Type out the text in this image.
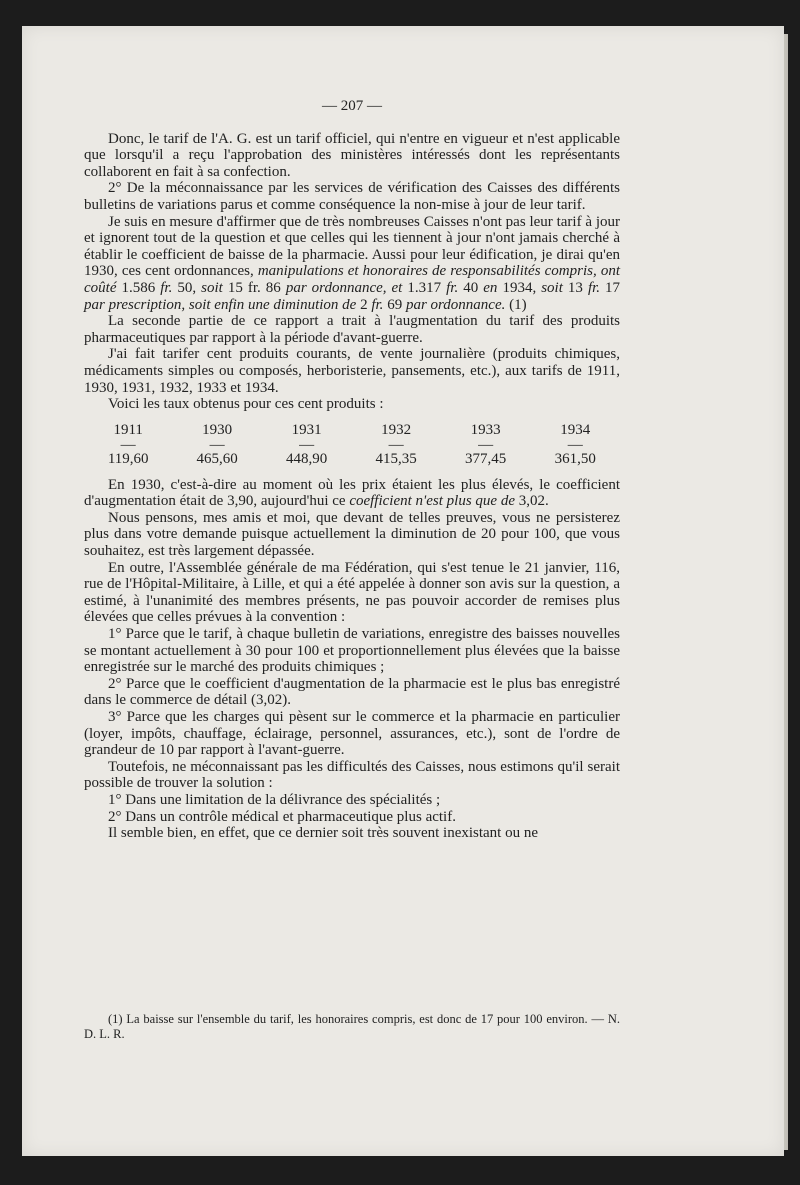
— 207 —

Donc, le tarif de l'A. G. est un tarif officiel, qui n'entre en vigueur et n'est applicable que lorsqu'il a reçu l'approbation des ministères intéressés dont les représentants collaborent en fait à sa confection.

2° De la méconnaissance par les services de vérification des Caisses des différents bulletins de variations parus et comme conséquence la non-mise à jour de leur tarif.

Je suis en mesure d'affirmer que de très nombreuses Caisses n'ont pas leur tarif à jour et ignorent tout de la question et que celles qui les tiennent à jour n'ont jamais cherché à établir le coefficient de baisse de la pharmacie. Aussi pour leur édification, je dirai qu'en 1930, ces cent ordonnances, manipulations et honoraires de responsabilités compris, ont coûté 1.586 fr. 50, soit 15 fr. 86 par ordonnance, et 1.317 fr. 40 en 1934, soit 13 fr. 17 par prescription, soit enfin une diminution de 2 fr. 69 par ordonnance. (1)

La seconde partie de ce rapport a trait à l'augmentation du tarif des produits pharmaceutiques par rapport à la période d'avant-guerre.

J'ai fait tarifer cent produits courants, de vente journalière (produits chimiques, médicaments simples ou composés, herboristerie, pansements, etc.), aux tarifs de 1911, 1930, 1931, 1932, 1933 et 1934.

Voici les taux obtenus pour ces cent produits :

1911	1930	1931	1932	1933	1934
—	—	—	—	—	—
119,60	465,60	448,90	415,35	377,45	361,50

En 1930, c'est-à-dire au moment où les prix étaient les plus élevés, le coefficient d'augmentation était de 3,90, aujourd'hui ce coefficient n'est plus que de 3,02.

Nous pensons, mes amis et moi, que devant de telles preuves, vous ne persisterez plus dans votre demande puisque actuellement la diminution de 20 pour 100, que vous souhaitez, est très largement dépassée.

En outre, l'Assemblée générale de ma Fédération, qui s'est tenue le 21 janvier, 116, rue de l'Hôpital-Militaire, à Lille, et qui a été appelée à donner son avis sur la question, a estimé, à l'unanimité des membres présents, ne pas pouvoir accorder de remises plus élevées que celles prévues à la convention :

1° Parce que le tarif, à chaque bulletin de variations, enregistre des baisses nouvelles se montant actuellement à 30 pour 100 et proportionnellement plus élevées que la baisse enregistrée sur le marché des produits chimiques ;

2° Parce que le coefficient d'augmentation de la pharmacie est le plus bas enregistré dans le commerce de détail (3,02).

3° Parce que les charges qui pèsent sur le commerce et la pharmacie en particulier (loyer, impôts, chauffage, éclairage, personnel, assurances, etc.), sont de l'ordre de grandeur de 10 par rapport à l'avant-guerre.

Toutefois, ne méconnaissant pas les difficultés des Caisses, nous estimons qu'il serait possible de trouver la solution :

1° Dans une limitation de la délivrance des spécialités ;

2° Dans un contrôle médical et pharmaceutique plus actif.

Il semble bien, en effet, que ce dernier soit très souvent inexistant ou ne

(1) La baisse sur l'ensemble du tarif, les honoraires compris, est donc de 17 pour 100 environ. — N. D. L. R.
